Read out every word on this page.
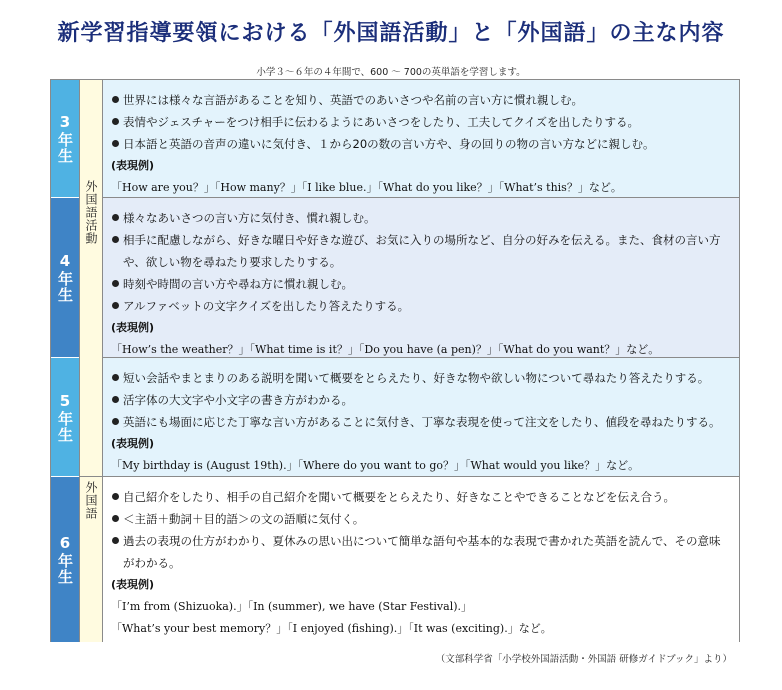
新学習指導要領における「外国語活動」と「外国語」の主な内容
小学３～６年の４年間で、600 ～ 700の英単語を学習します。
3年生
4年生
5年生
6年生
外国語活動
外国語
世界には様々な言語があることを知り、英語でのあいさつや名前の言い方に慣れ親しむ。
表情やジェスチャーをつけ相手に伝わるようにあいさつをしたり、工夫してクイズを出したりする。
日本語と英語の音声の違いに気付き、１から20の数の言い方や、身の回りの物の言い方などに親しむ。
(表現例)
「How are you？」「How many？」「I like blue.」「What do you like？」「What’s this？」など。
様々なあいさつの言い方に気付き、慣れ親しむ。
相手に配慮しながら、好きな曜日や好きな遊び、お気に入りの場所など、自分の好みを伝える。また、食材の言い方や、欲しい物を尋ねたり要求したりする。
時刻や時間の言い方や尋ね方に慣れ親しむ。
アルファベットの文字クイズを出したり答えたりする。
(表現例)
「How’s the weather？」「What time is it？」「Do you have (a pen)？」「What do you want？」など。
短い会話やまとまりのある説明を聞いて概要をとらえたり、好きな物や欲しい物について尋ねたり答えたりする。
活字体の大文字や小文字の書き方がわかる。
英語にも場面に応じた丁寧な言い方があることに気付き、丁寧な表現を使って注文をしたり、値段を尋ねたりする。
(表現例)
「My birthday is (August 19th).」「Where do you want to go？」「What would you like？」など。
自己紹介をしたり、相手の自己紹介を聞いて概要をとらえたり、好きなことやできることなどを伝え合う。
＜主語＋動詞＋目的語＞の文の語順に気付く。
過去の表現の仕方がわかり、夏休みの思い出について簡単な語句や基本的な表現で書かれた英語を読んで、その意味がわかる。
(表現例)
「I’m from (Shizuoka).」「In (summer), we have (Star Festival).」
「What’s your best memory？」「I enjoyed (fishing).」「It was (exciting).」など。
（文部科学省「小学校外国語活動・外国語 研修ガイドブック」より）
